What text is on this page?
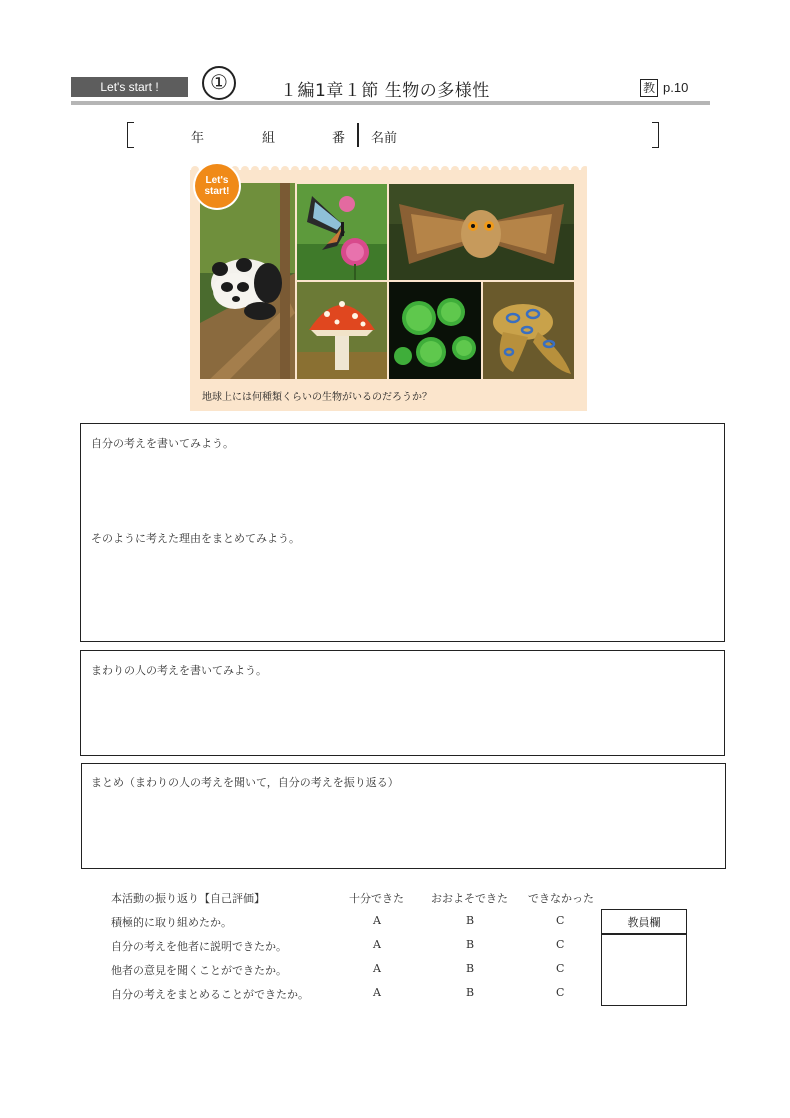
Let's start !	①	１編1章１節 生物の多様性	教 p.10
年	組	番 名前
地球上には何種類くらいの生物がいるのだろうか？
Let's
start!
自分の考えを書いてみよう。
そのように考えた理由をまとめてみよう。
まわりの人の考えを書いてみよう。
まとめ（まわりの人の考えを聞いて，自分の考えを振り返る）
本活動の振り返り【自己評価】	十分できた おおよそできた できなかった
積極的に取り組めたか。	A	B	C
自分の考えを他者に説明できたか。	A	B	C
他者の意見を聞くことができたか。	A	B	C
自分の考えをまとめることができたか。	A	B	C
教員欄
